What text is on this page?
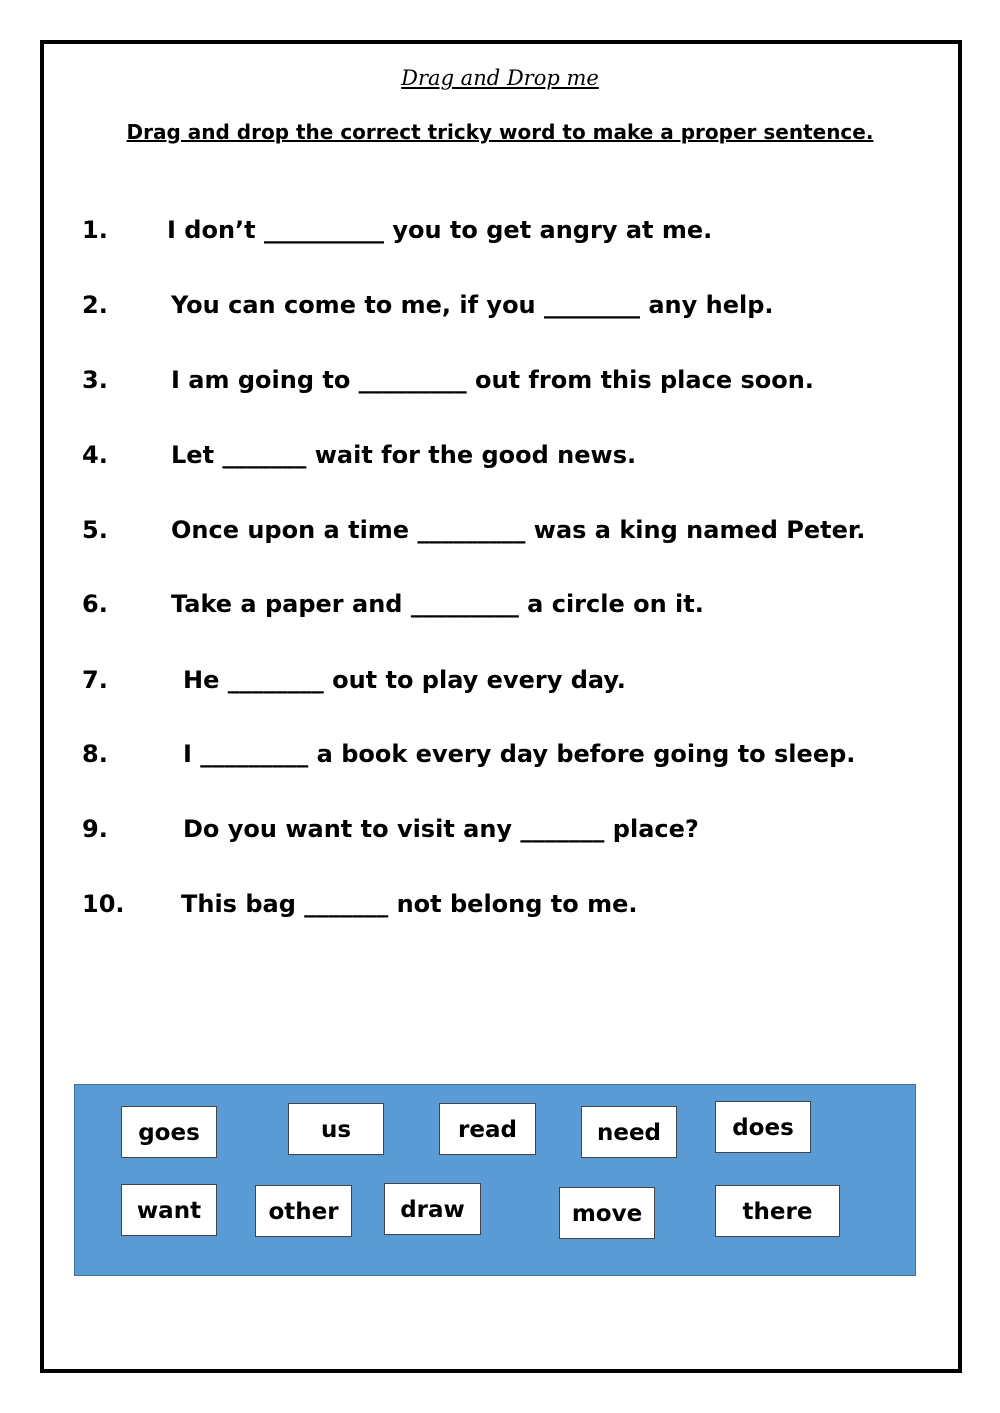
Drag and Drop me
Drag and drop the correct tricky word to make a proper sentence.
1. I don’t __________ you to get angry at me.
2.	You can come to me, if you ________ any help.
3.	I am going to _________ out from this place soon.
4.	Let _______ wait for the good news.
5.	Once upon a time _________ was a king named Peter.
6.	Take a paper and _________ a circle on it.
7.	He ________ out to play every day.
8.	I _________ a book every day before going to sleep.
9.	Do you want to visit any _______ place?
10. This bag _______ not belong to me.
goes	us	read	need	does
want	other	draw	move	there
